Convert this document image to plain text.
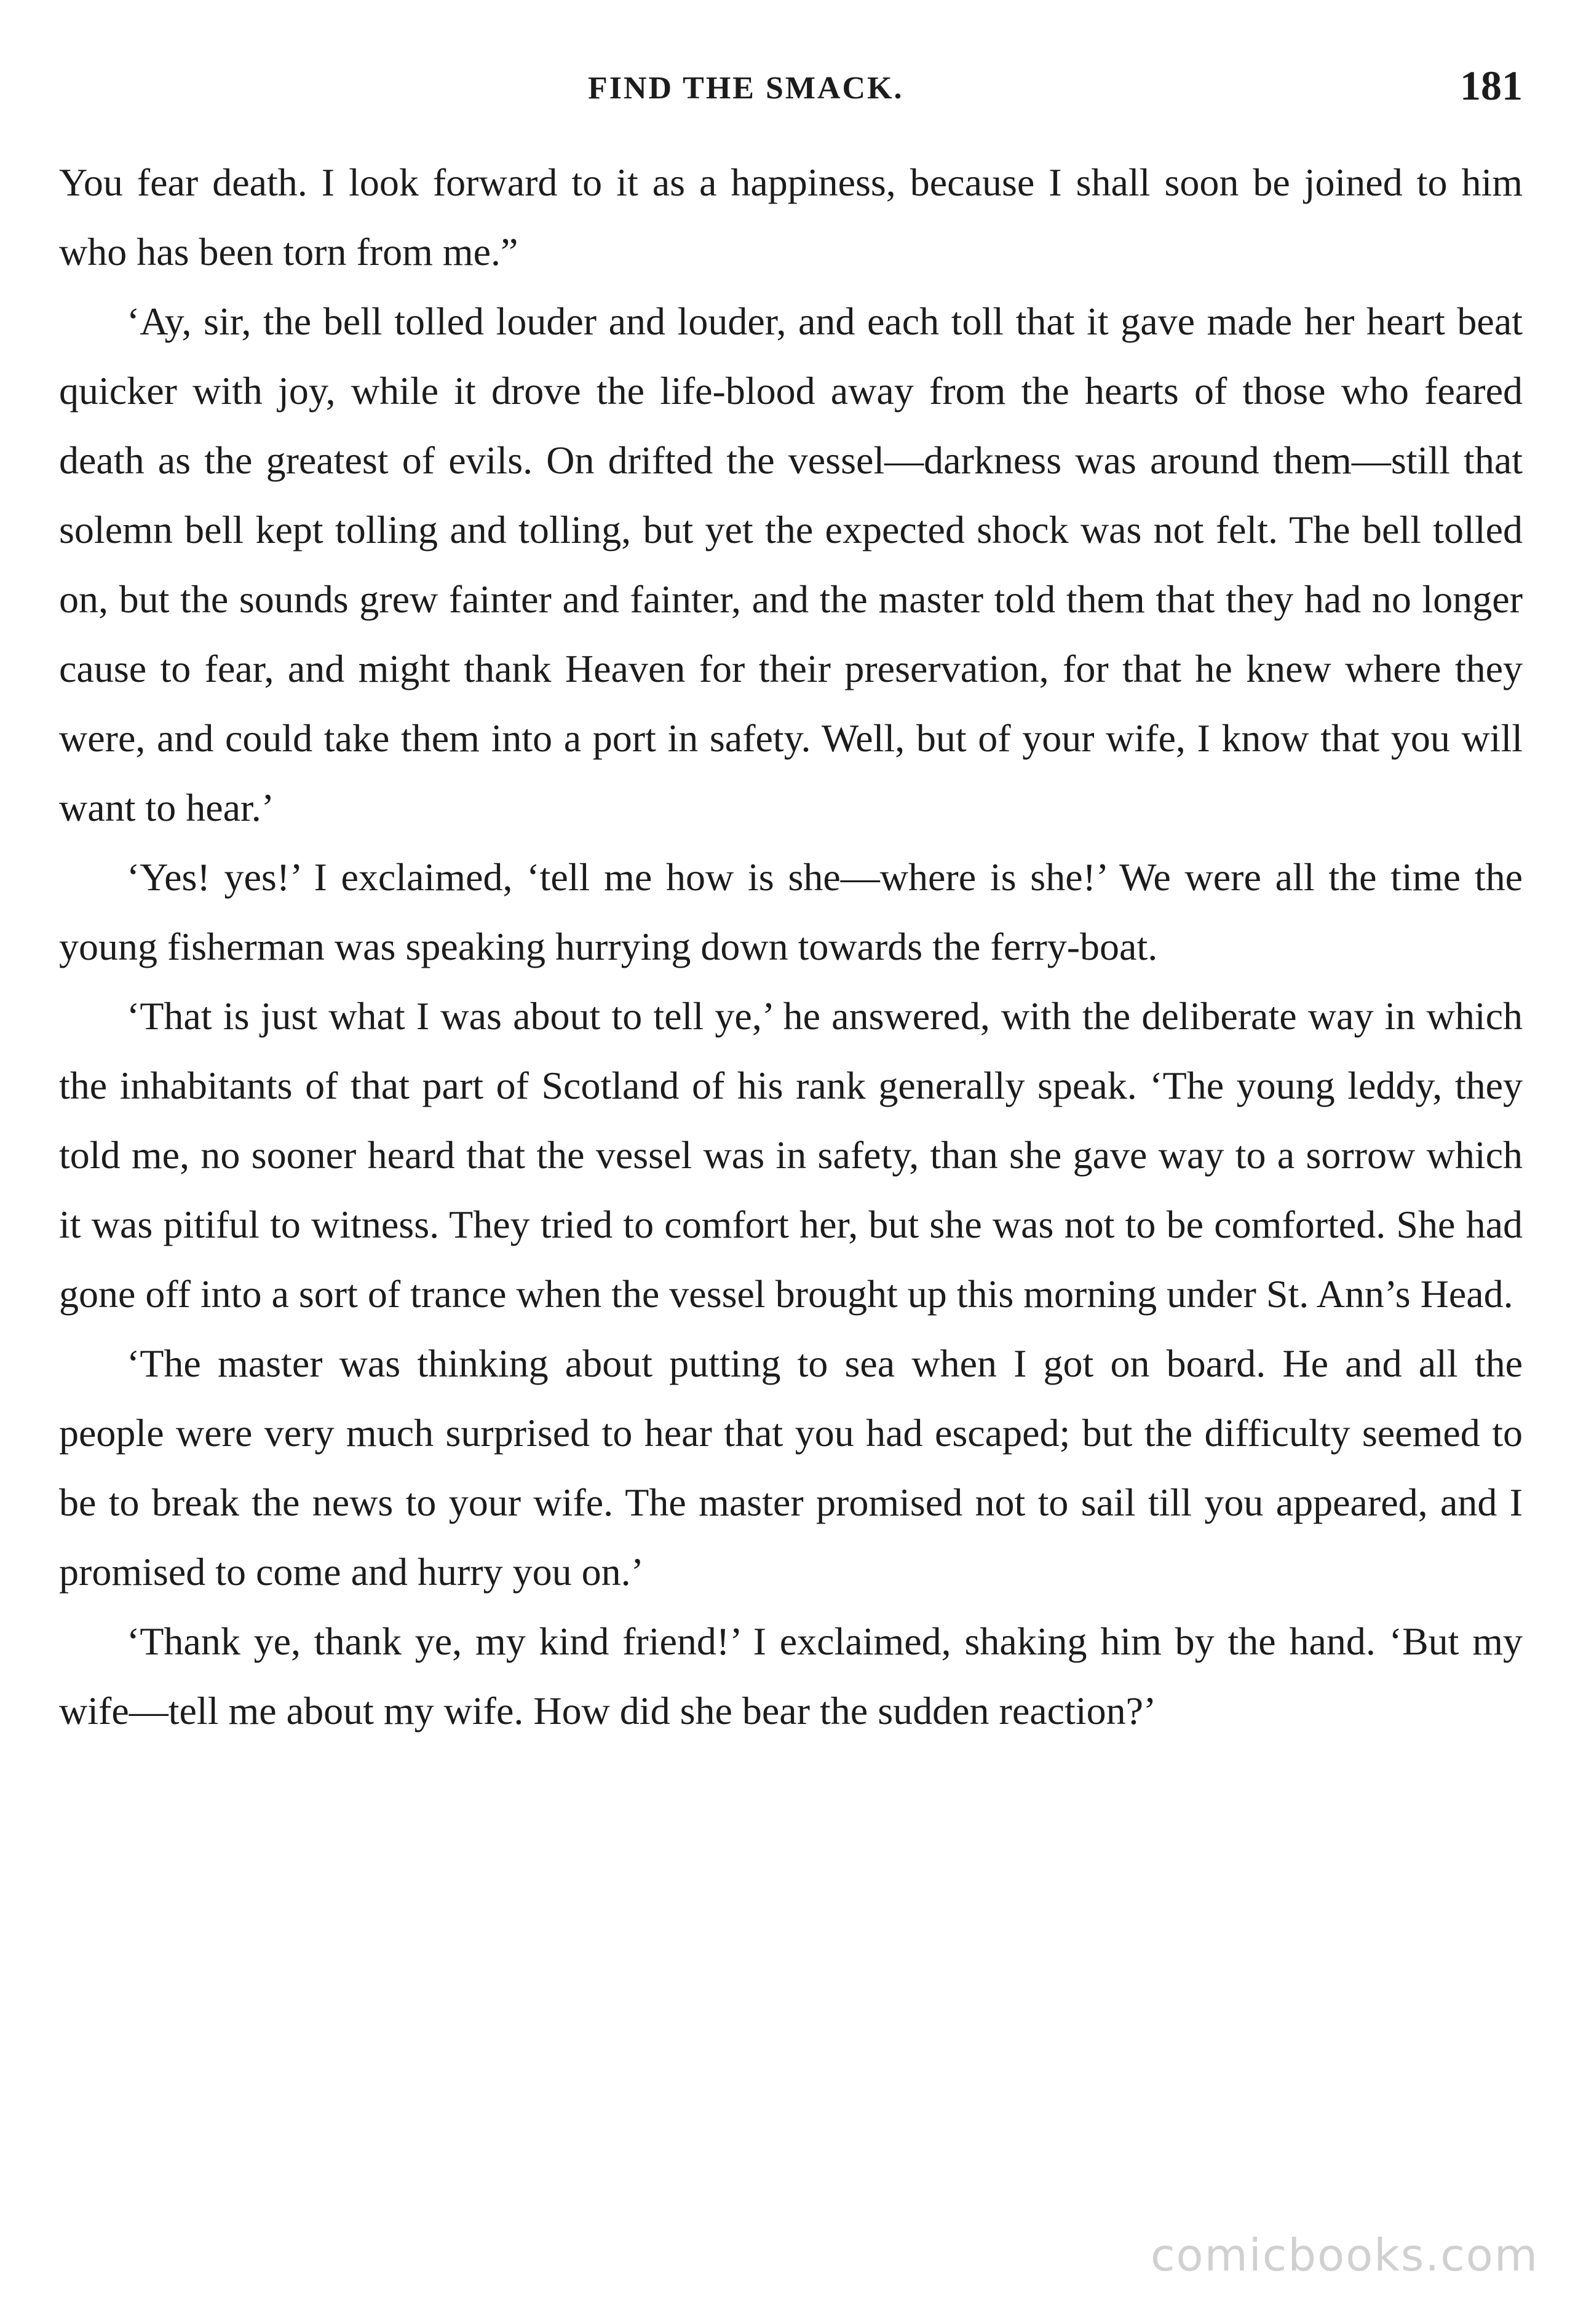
FIND THE SMACK.	181

You fear death. I look forward to it as a happiness, because I shall soon be joined to him who has been torn from me.”

‘Ay, sir, the bell tolled louder and louder, and each toll that it gave made her heart beat quicker with joy, while it drove the life-blood away from the hearts of those who feared death as the greatest of evils. On drifted the vessel—darkness was around them—still that solemn bell kept tolling and tolling, but yet the expected shock was not felt. The bell tolled on, but the sounds grew fainter and fainter, and the master told them that they had no longer cause to fear, and might thank Heaven for their preservation, for that he knew where they were, and could take them into a port in safety. Well, but of your wife, I know that you will want to hear.’

‘Yes! yes!’ I exclaimed, ‘tell me how is she—where is she!’ We were all the time the young fisherman was speaking hurrying down towards the ferry-boat.

‘That is just what I was about to tell ye,’ he answered, with the deliberate way in which the inhabitants of that part of Scotland of his rank generally speak. ‘The young leddy, they told me, no sooner heard that the vessel was in safety, than she gave way to a sorrow which it was pitiful to witness. They tried to comfort her, but she was not to be comforted. She had gone off into a sort of trance when the vessel brought up this morning under St. Ann’s Head.

‘The master was thinking about putting to sea when I got on board. He and all the people were very much surprised to hear that you had escaped; but the difficulty seemed to be to break the news to your wife. The master promised not to sail till you appeared, and I promised to come and hurry you on.’

‘Thank ye, thank ye, my kind friend!’ I exclaimed, shaking him by the hand. ‘But my wife—tell me about my wife. How did she bear the sudden reaction?’

comicbooks.com
